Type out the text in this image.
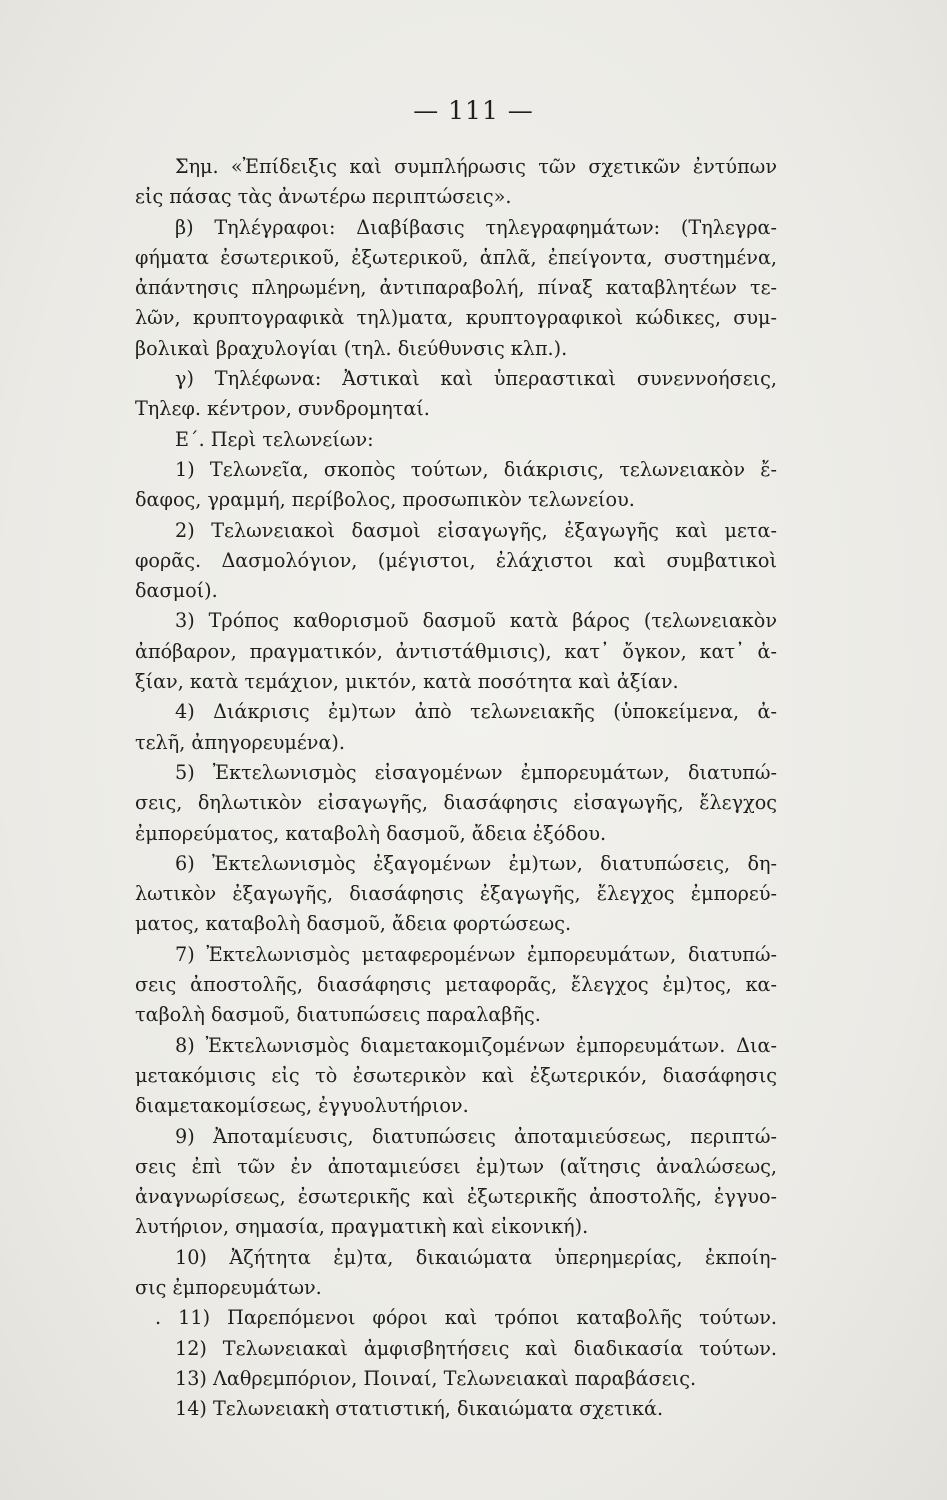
— 111 —
Σημ. «Ἐπίδειξις καὶ συμπλήρωσις τῶν σχετικῶν ἐντύπων
εἰς πάσας τὰς ἀνωτέρω περιπτώσεις».
β) Τηλέγραφοι: Διαβίβασις τηλεγραφημάτων: (Τηλεγρα-
φήματα ἐσωτερικοῦ, ἐξωτερικοῦ, ἁπλᾶ, ἐπείγοντα, συστημένα,
ἀπάντησις πληρωμένη, ἀντιπαραβολή, πίναξ καταβλητέων τε-
λῶν, κρυπτογραφικὰ τηλ)ματα, κρυπτογραφικοὶ κώδικες, συμ-
βολικαὶ βραχυλογίαι (τηλ. διεύθυνσις κλπ.).
γ) Τηλέφωνα: Ἀστικαὶ καὶ ὑπεραστικαὶ συνεννοήσεις,
Τηλεφ. κέντρον, συνδρομηταί.
Ε΄. Περὶ τελωνείων:
1) Τελωνεῖα, σκοπὸς τούτων, διάκρισις, τελωνειακὸν ἔ-
δαφος, γραμμή, περίβολος, προσωπικὸν τελωνείου.
2) Τελωνειακοὶ δασμοὶ εἰσαγωγῆς, ἐξαγωγῆς καὶ μετα-
φορᾶς. Δασμολόγιον, (μέγιστοι, ἐλάχιστοι καὶ συμβατικοὶ
δασμοί).
3) Τρόπος καθορισμοῦ δασμοῦ κατὰ βάρος (τελωνειακὸν
ἀπόβαρον, πραγματικόν, ἀντιστάθμισις), κατ᾽ ὄγκον, κατ᾽ ἀ-
ξίαν, κατὰ τεμάχιον, μικτόν, κατὰ ποσότητα καὶ ἀξίαν.
4) Διάκρισις ἐμ)των ἀπὸ τελωνειακῆς (ὑποκείμενα, ἀ-
τελῆ, ἀπηγορευμένα).
5) Ἐκτελωνισμὸς εἰσαγομένων ἐμπορευμάτων, διατυπώ-
σεις, δηλωτικὸν εἰσαγωγῆς, διασάφησις εἰσαγωγῆς, ἔλεγχος
ἐμπορεύματος, καταβολὴ δασμοῦ, ἄδεια ἐξόδου.
6) Ἐκτελωνισμὸς ἐξαγομένων ἐμ)των, διατυπώσεις, δη-
λωτικὸν ἐξαγωγῆς, διασάφησις ἐξαγωγῆς, ἔλεγχος ἐμπορεύ-
ματος, καταβολὴ δασμοῦ, ἄδεια φορτώσεως.
7) Ἐκτελωνισμὸς μεταφερομένων ἐμπορευμάτων, διατυπώ-
σεις ἀποστολῆς, διασάφησις μεταφορᾶς, ἔλεγχος ἐμ)τος, κα-
ταβολὴ δασμοῦ, διατυπώσεις παραλαβῆς.
8) Ἐκτελωνισμὸς διαμετακομιζομένων ἐμπορευμάτων. Δια-
μετακόμισις εἰς τὸ ἐσωτερικὸν καὶ ἐξωτερικόν, διασάφησις
διαμετακομίσεως, ἐγγυολυτήριον.
9) Ἀποταμίευσις, διατυπώσεις ἀποταμιεύσεως, περιπτώ-
σεις ἐπὶ τῶν ἐν ἀποταμιεύσει ἐμ)των (αἴτησις ἀναλώσεως,
ἀναγνωρίσεως, ἐσωτερικῆς καὶ ἐξωτερικῆς ἀποστολῆς, ἐγγυο-
λυτήριον, σημασία, πραγματικὴ καὶ εἰκονική).
10) Ἀζήτητα ἐμ)τα, δικαιώματα ὑπερημερίας, ἐκποίη-
σις ἐμπορευμάτων.
. 11) Παρεπόμενοι φόροι καὶ τρόποι καταβολῆς τούτων.
12) Τελωνειακαὶ ἀμφισβητήσεις καὶ διαδικασία τούτων.
13) Λαθρεμπόριον, Ποιναί, Τελωνειακαὶ παραβάσεις.
14) Τελωνειακὴ στατιστική, δικαιώματα σχετικά.
